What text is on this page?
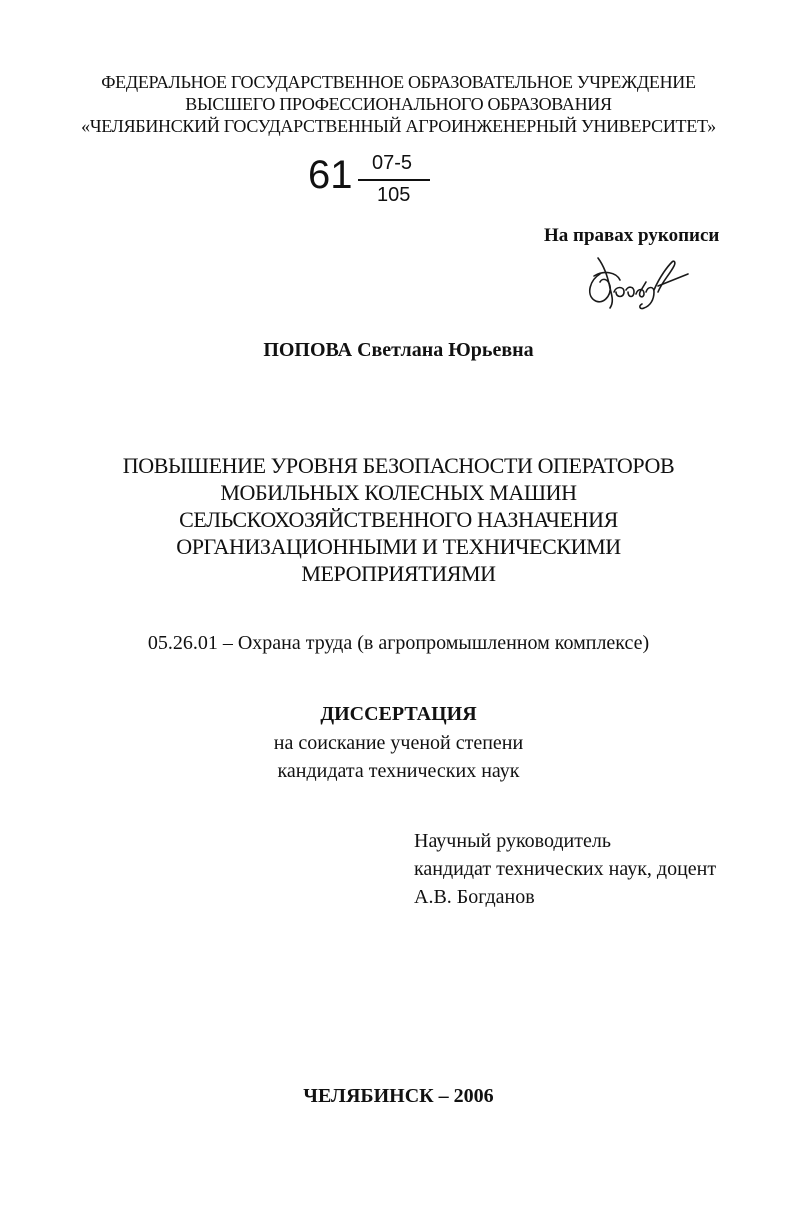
ФЕДЕРАЛЬНОЕ ГОСУДАРСТВЕННОЕ ОБРАЗОВАТЕЛЬНОЕ УЧРЕЖДЕНИЕ
ВЫСШЕГО ПРОФЕССИОНАЛЬНОГО ОБРАЗОВАНИЯ
«ЧЕЛЯБИНСКИЙ ГОСУДАРСТВЕННЫЙ АГРОИНЖЕНЕРНЫЙ УНИВЕРСИТЕТ»
61 07-5
105
На правах рукописи
ПОПОВА Светлана Юрьевна
ПОВЫШЕНИЕ УРОВНЯ БЕЗОПАСНОСТИ ОПЕРАТОРОВ
МОБИЛЬНЫХ КОЛЕСНЫХ МАШИН
СЕЛЬСКОХОЗЯЙСТВЕННОГО НАЗНАЧЕНИЯ
ОРГАНИЗАЦИОННЫМИ И ТЕХНИЧЕСКИМИ
МЕРОПРИЯТИЯМИ
05.26.01 – Охрана труда (в агропромышленном комплексе)
ДИССЕРТАЦИЯ
на соискание ученой степени
кандидата технических наук
Научный руководитель
кандидат технических наук, доцент
А.В. Богданов
ЧЕЛЯБИНСК – 2006
